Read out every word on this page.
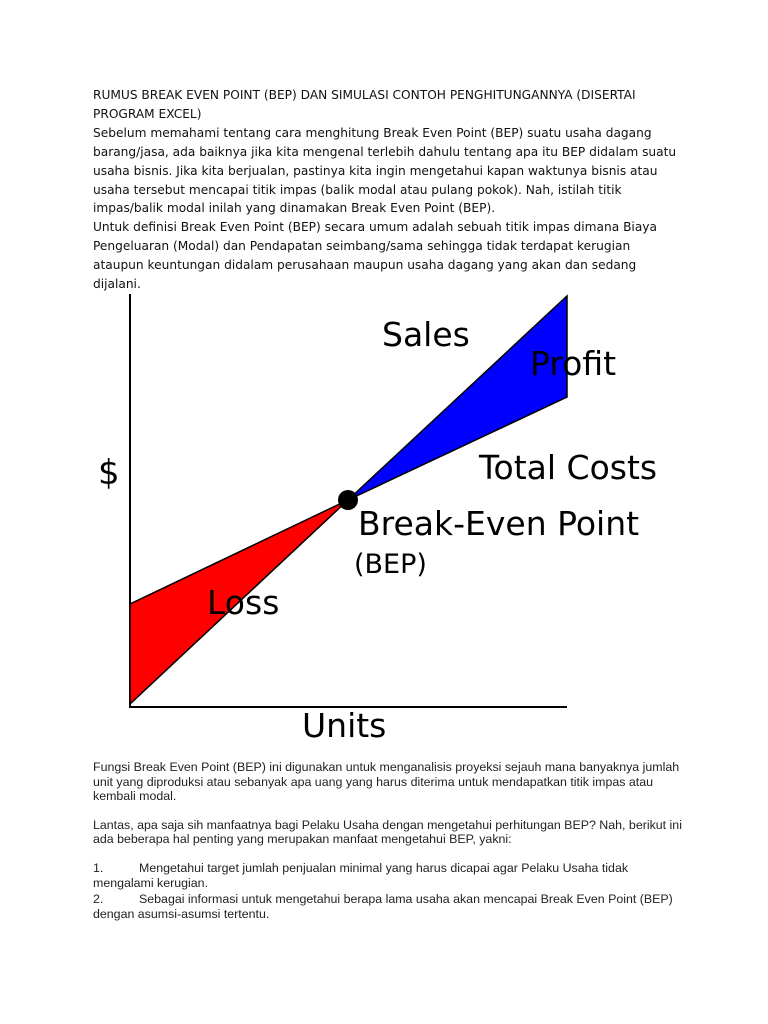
RUMUS BREAK EVEN POINT (BEP) DAN SIMULASI CONTOH PENGHITUNGANNYA (DISERTAI PROGRAM EXCEL)

Sebelum memahami tentang cara menghitung Break Even Point (BEP) suatu usaha dagang barang/jasa, ada baiknya jika kita mengenal terlebih dahulu tentang apa itu BEP didalam suatu usaha bisnis. Jika kita berjualan, pastinya kita ingin mengetahui kapan waktunya bisnis atau usaha tersebut mencapai titik impas (balik modal atau pulang pokok). Nah, istilah titik impas/balik modal inilah yang dinamakan Break Even Point (BEP).

Untuk definisi Break Even Point (BEP) secara umum adalah sebuah titik impas dimana Biaya Pengeluaran (Modal) dan Pendapatan seimbang/sama sehingga tidak terdapat kerugian ataupun keuntungan didalam perusahaan maupun usaha dagang yang akan dan sedang dijalani.

$
Units
Sales
Profit
Total Costs
Break-Even Point
(BEP)
Loss

Fungsi Break Even Point (BEP) ini digunakan untuk menganalisis proyeksi sejauh mana banyaknya jumlah unit yang diproduksi atau sebanyak apa uang yang harus diterima untuk mendapatkan titik impas atau kembali modal.

Lantas, apa saja sih manfaatnya bagi Pelaku Usaha dengan mengetahui perhitungan BEP? Nah, berikut ini ada beberapa hal penting yang merupakan manfaat mengetahui BEP, yakni:

1.	Mengetahui target jumlah penjualan minimal yang harus dicapai agar Pelaku Usaha tidak mengalami kerugian.
2.	Sebagai informasi untuk mengetahui berapa lama usaha akan mencapai Break Even Point (BEP) dengan asumsi-asumsi tertentu.
